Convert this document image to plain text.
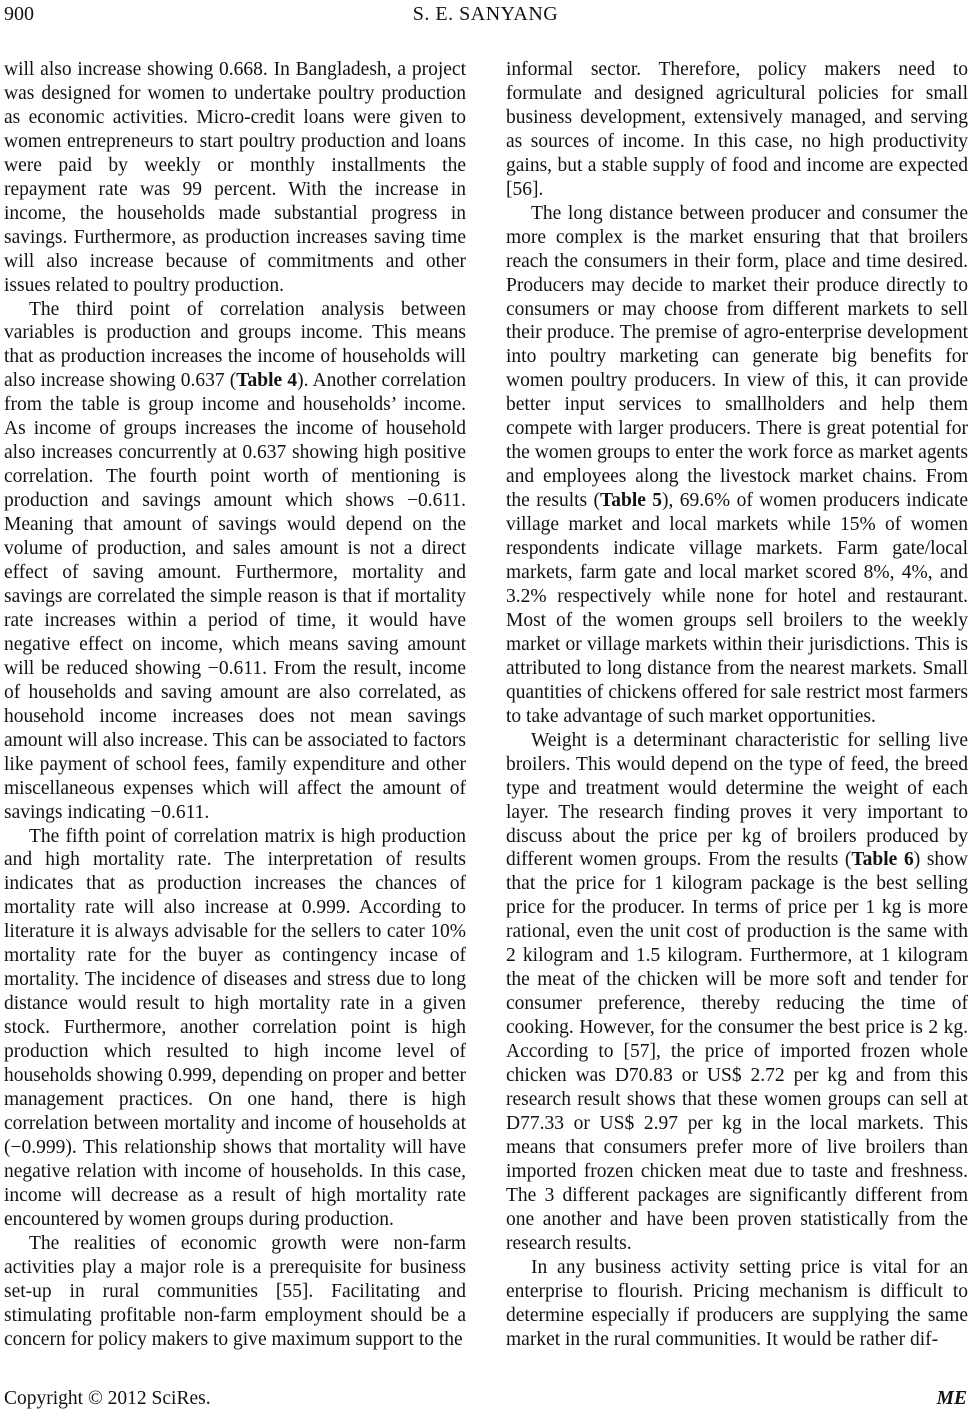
900	S. E. SANYANG

will also increase showing 0.668. In Bangladesh, a project was designed for women to undertake poultry production as economic activities. Micro-credit loans were given to women entrepreneurs to start poultry production and loans were paid by weekly or monthly installments the repayment rate was 99 percent. With the increase in income, the households made substantial progress in savings. Furthermore, as production increases saving time will also increase because of commitments and other issues related to poultry production.

The third point of correlation analysis between variables is production and groups income. This means that as production increases the income of households will also increase showing 0.637 (Table 4). Another correlation from the table is group income and households’ income. As income of groups increases the income of household also increases concurrently at 0.637 showing high positive correlation. The fourth point worth of mentioning is production and savings amount which shows −0.611. Meaning that amount of savings would depend on the volume of production, and sales amount is not a direct effect of saving amount. Furthermore, mortality and savings are correlated the simple reason is that if mortality rate increases within a period of time, it would have negative effect on income, which means saving amount will be reduced showing −0.611. From the result, income of households and saving amount are also correlated, as household income increases does not mean savings amount will also increase. This can be associated to factors like payment of school fees, family expenditure and other miscellaneous expenses which will affect the amount of savings indicating −0.611.

The fifth point of correlation matrix is high production and high mortality rate. The interpretation of results indicates that as production increases the chances of mortality rate will also increase at 0.999. According to literature it is always advisable for the sellers to cater 10% mortality rate for the buyer as contingency incase of mortality. The incidence of diseases and stress due to long distance would result to high mortality rate in a given stock. Furthermore, another correlation point is high production which resulted to high income level of households showing 0.999, depending on proper and better management practices. On one hand, there is high correlation between mortality and income of households at (−0.999). This relationship shows that mortality will have negative relation with income of households. In this case, income will decrease as a result of high mortality rate encountered by women groups during production.

The realities of economic growth were non-farm activities play a major role is a prerequisite for business set-up in rural communities [55]. Facilitating and stimulating profitable non-farm employment should be a concern for policy makers to give maximum support to the

informal sector. Therefore, policy makers need to formulate and designed agricultural policies for small business development, extensively managed, and serving as sources of income. In this case, no high productivity gains, but a stable supply of food and income are expected [56].

The long distance between producer and consumer the more complex is the market ensuring that that broilers reach the consumers in their form, place and time desired. Producers may decide to market their produce directly to consumers or may choose from different markets to sell their produce. The premise of agro-enterprise development into poultry marketing can generate big benefits for women poultry producers. In view of this, it can provide better input services to smallholders and help them compete with larger producers. There is great potential for the women groups to enter the work force as market agents and employees along the livestock market chains. From the results (Table 5), 69.6% of women producers indicate village market and local markets while 15% of women respondents indicate village markets. Farm gate/local markets, farm gate and local market scored 8%, 4%, and 3.2% respectively while none for hotel and restaurant. Most of the women groups sell broilers to the weekly market or village markets within their jurisdictions. This is attributed to long distance from the nearest markets. Small quantities of chickens offered for sale restrict most farmers to take advantage of such market opportunities.

Weight is a determinant characteristic for selling live broilers. This would depend on the type of feed, the breed type and treatment would determine the weight of each layer. The research finding proves it very important to discuss about the price per kg of broilers produced by different women groups. From the results (Table 6) show that the price for 1 kilogram package is the best selling price for the producer. In terms of price per 1 kg is more rational, even the unit cost of production is the same with 2 kilogram and 1.5 kilogram. Furthermore, at 1 kilogram the meat of the chicken will be more soft and tender for consumer preference, thereby reducing the time of cooking. However, for the consumer the best price is 2 kg. According to [57], the price of imported frozen whole chicken was D70.83 or US$ 2.72 per kg and from this research result shows that these women groups can sell at D77.33 or US$ 2.97 per kg in the local markets. This means that consumers prefer more of live broilers than imported frozen chicken meat due to taste and freshness. The 3 different packages are significantly different from one another and have been proven statistically from the research results.

In any business activity setting price is vital for an enterprise to flourish. Pricing mechanism is difficult to determine especially if producers are supplying the same market in the rural communities. It would be rather dif-

Copyright © 2012 SciRes.	ME
